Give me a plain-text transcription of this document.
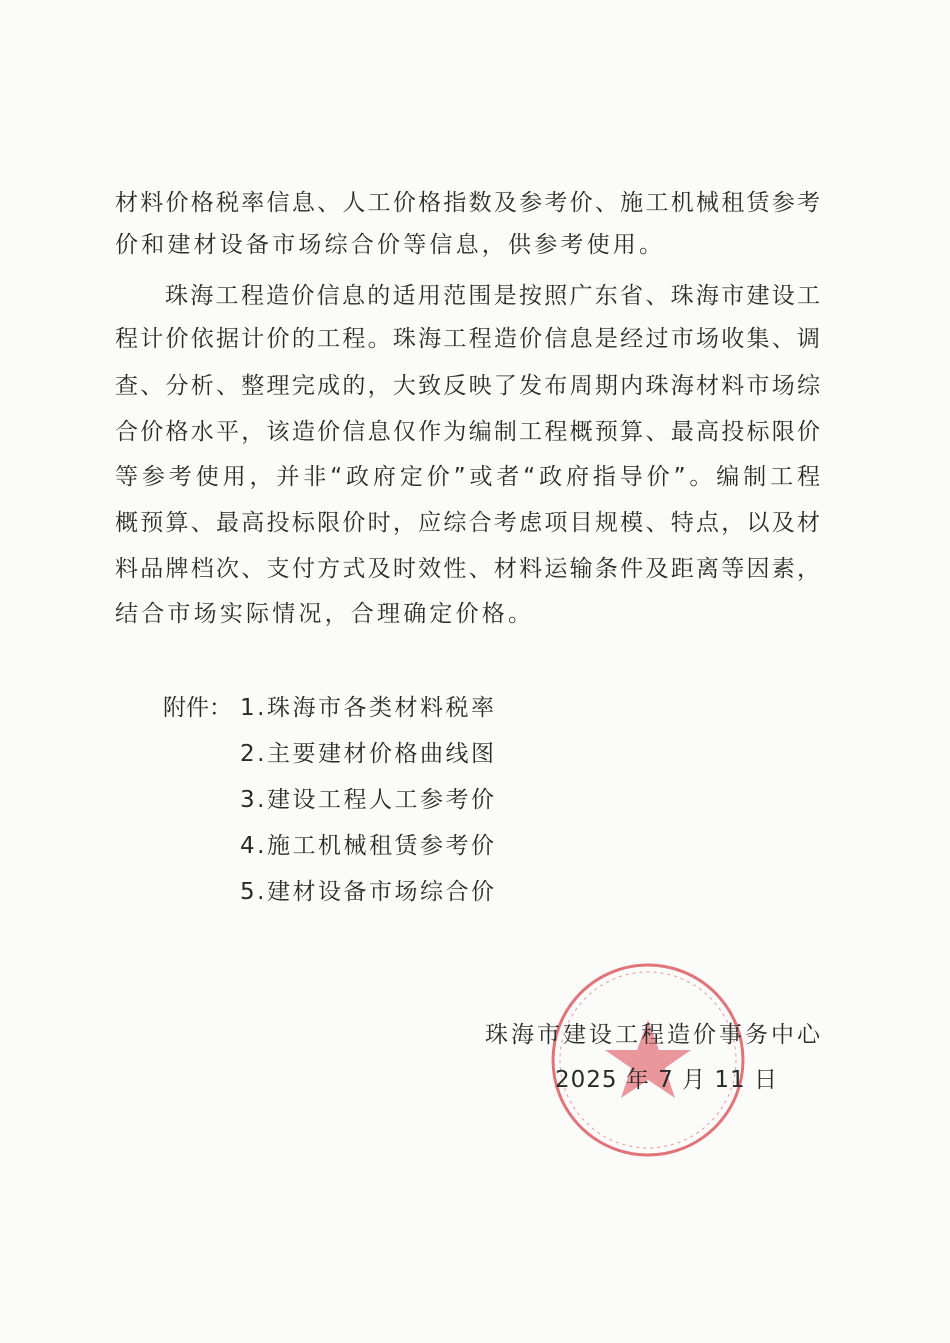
材料价格税率信息、人工价格指数及参考价、施工机械租赁参考
价和建材设备市场综合价等信息，供参考使用。
珠海工程造价信息的适用范围是按照广东省、珠海市建设工
程计价依据计价的工程。珠海工程造价信息是经过市场收集、调
查、分析、整理完成的，大致反映了发布周期内珠海材料市场综
合价格水平，该造价信息仅作为编制工程概预算、最高投标限价
等参考使用，并非“政府定价”或者“政府指导价”。编制工程
概预算、最高投标限价时，应综合考虑项目规模、特点，以及材
料品牌档次、支付方式及时效性、材料运输条件及距离等因素，
结合市场实际情况，合理确定价格。
附件： 1.珠海市各类材料税率
2.主要建材价格曲线图
3.建设工程人工参考价
4.施工机械租赁参考价
5.建材设备市场综合价
珠海市建设工程造价事务中心
2025 年 7 月 11 日
